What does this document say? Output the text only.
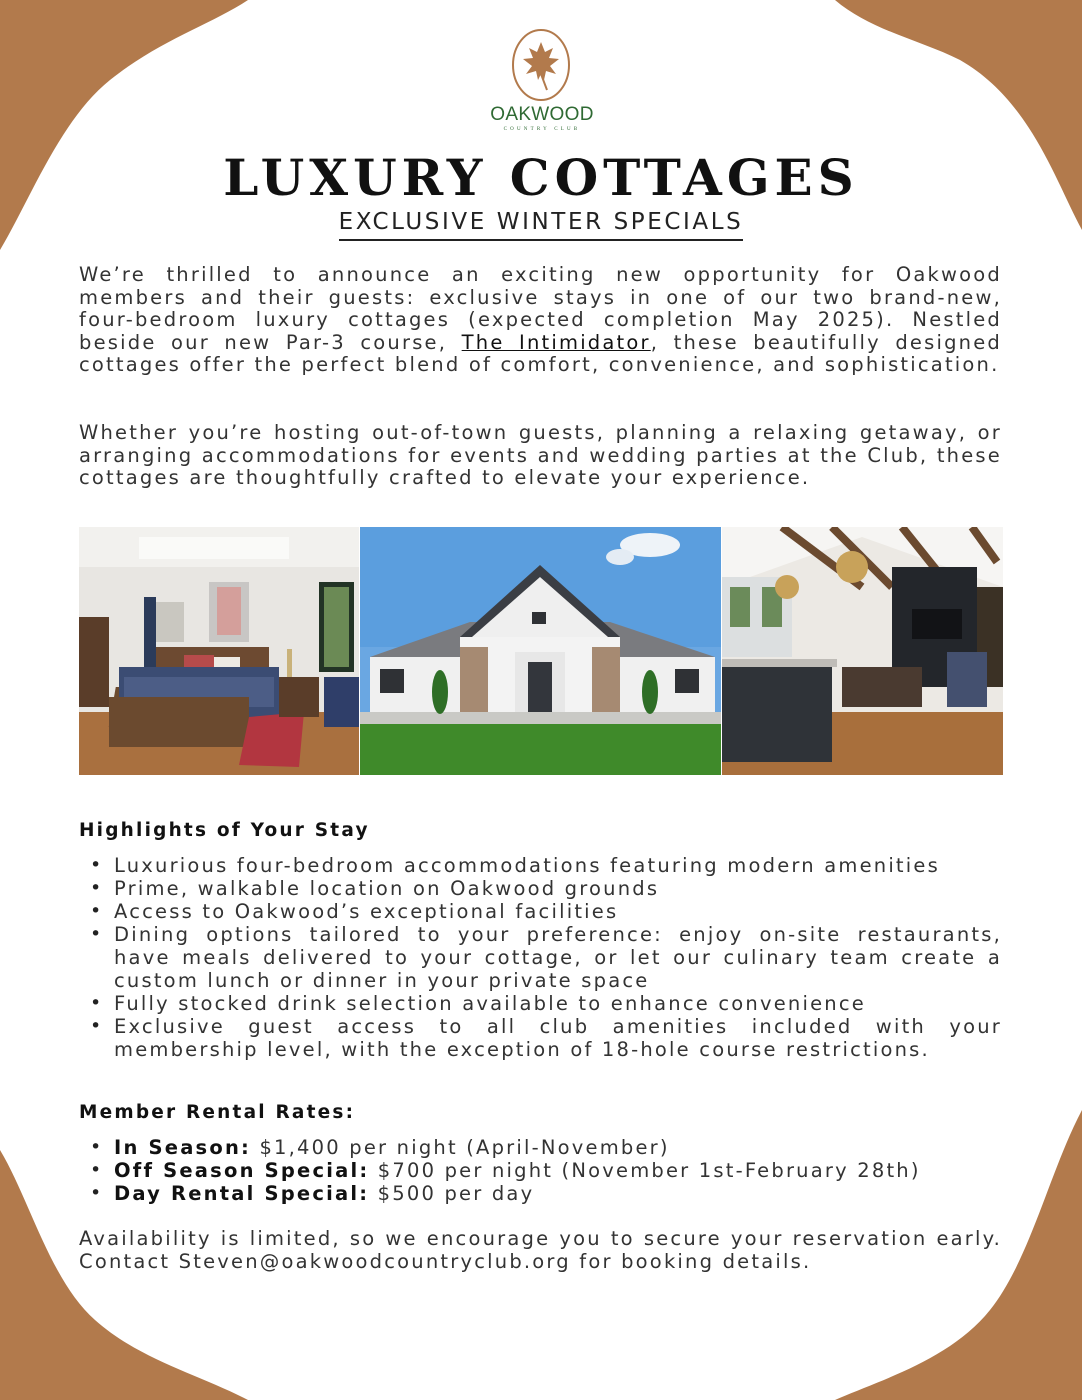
OAKWOOD
COUNTRY CLUB
LUXURY COTTAGES
EXCLUSIVE WINTER SPECIALS
We’re thrilled to announce an exciting new opportunity for Oakwood members and their guests: exclusive stays in one of our two brand-new, four-bedroom luxury cottages (expected completion May 2025). Nestled beside our new Par-3 course, The Intimidator, these beautifully designed cottages offer the perfect blend of comfort, convenience, and sophistication.
Whether you’re hosting out-of-town guests, planning a relaxing getaway, or arranging accommodations for events and wedding parties at the Club, these cottages are thoughtfully crafted to elevate your experience.
Highlights of Your Stay
• Luxurious four-bedroom accommodations featuring modern amenities
• Prime, walkable location on Oakwood grounds
• Access to Oakwood’s exceptional facilities
• Dining options tailored to your preference: enjoy on-site restaurants, have meals delivered to your cottage, or let our culinary team create a custom lunch or dinner in your private space
• Fully stocked drink selection available to enhance convenience
• Exclusive guest access to all club amenities included with your membership level, with the exception of 18-hole course restrictions.
Member Rental Rates:
• In Season: $1,400 per night (April-November)
• Off Season Special: $700 per night (November 1st-February 28th)
• Day Rental Special: $500 per day
Availability is limited, so we encourage you to secure your reservation early. Contact Steven@oakwoodcountryclub.org for booking details.
